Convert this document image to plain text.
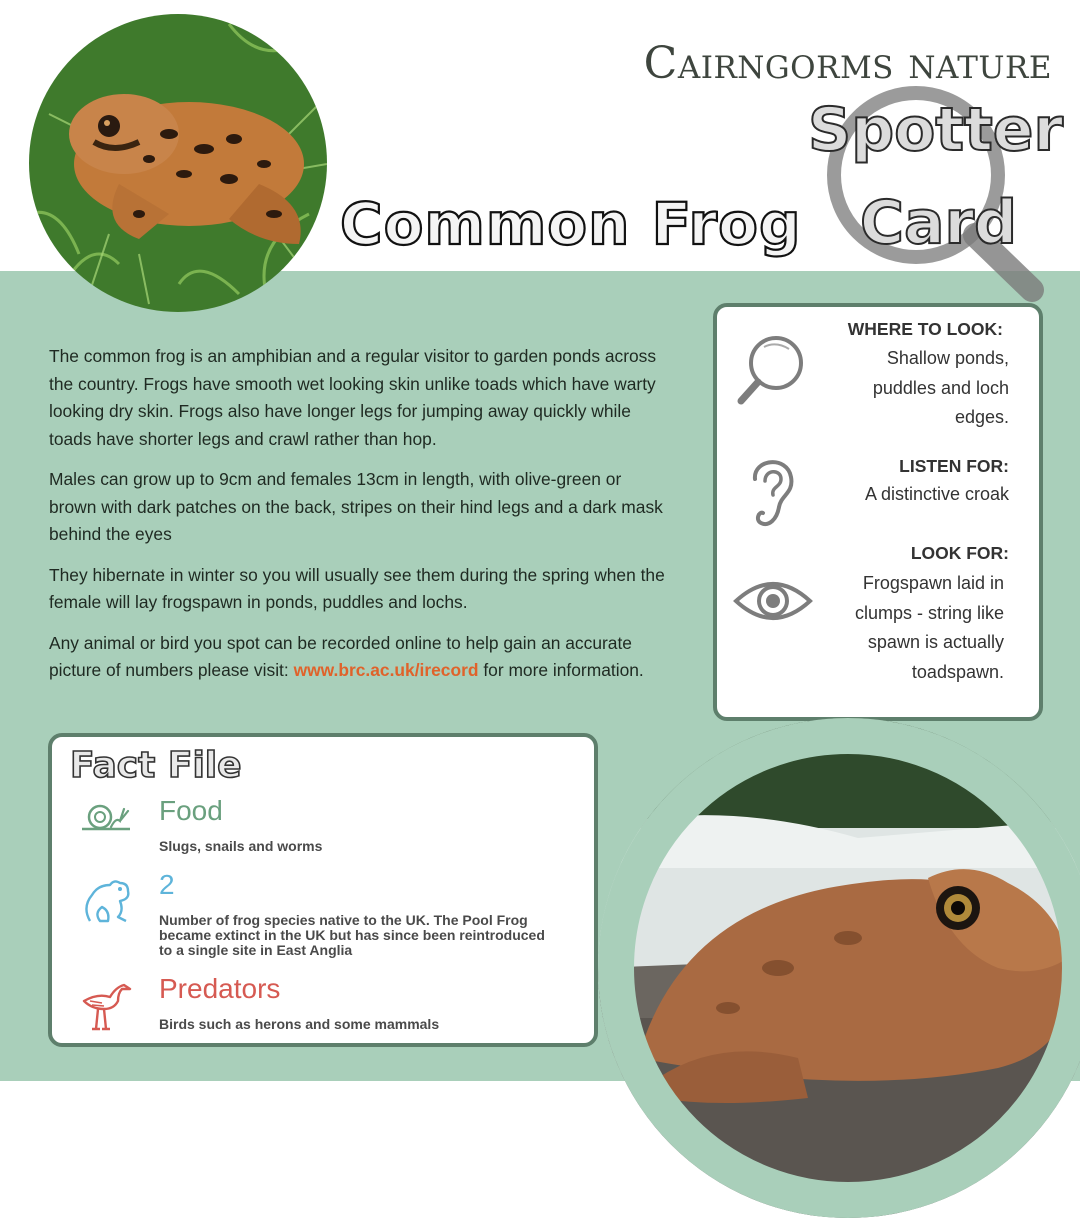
Cairngorms nature
Spotter
Card
Common Frog

The common frog is an amphibian and a regular visitor to garden ponds across the country. Frogs have smooth wet looking skin unlike toads which have warty looking dry skin. Frogs also have longer legs for jumping away quickly while toads have shorter legs and crawl rather than hop.

Males can grow up to 9cm and females 13cm in length, with olive-green or brown with dark patches on the back, stripes on their hind legs and a dark mask behind the eyes

They hibernate in winter so you will usually see them during the spring when the female will lay frogspawn in ponds, puddles and lochs.

Any animal or bird you spot can be recorded online to help gain an accurate picture of numbers please visit: www.brc.ac.uk/irecord for more information.

WHERE TO LOOK:
Shallow ponds,
puddles and loch
edges.
LISTEN FOR:
A distinctive croak
LOOK FOR:
Frogspawn laid in
clumps - string like
spawn is actually
toadspawn.
Fact File
Food
Slugs, snails and worms
2
Number of frog species native to the UK. The Pool Frog became extinct in the UK but has since been reintroduced to a single site in East Anglia
Predators
Birds such as herons and some mammals
